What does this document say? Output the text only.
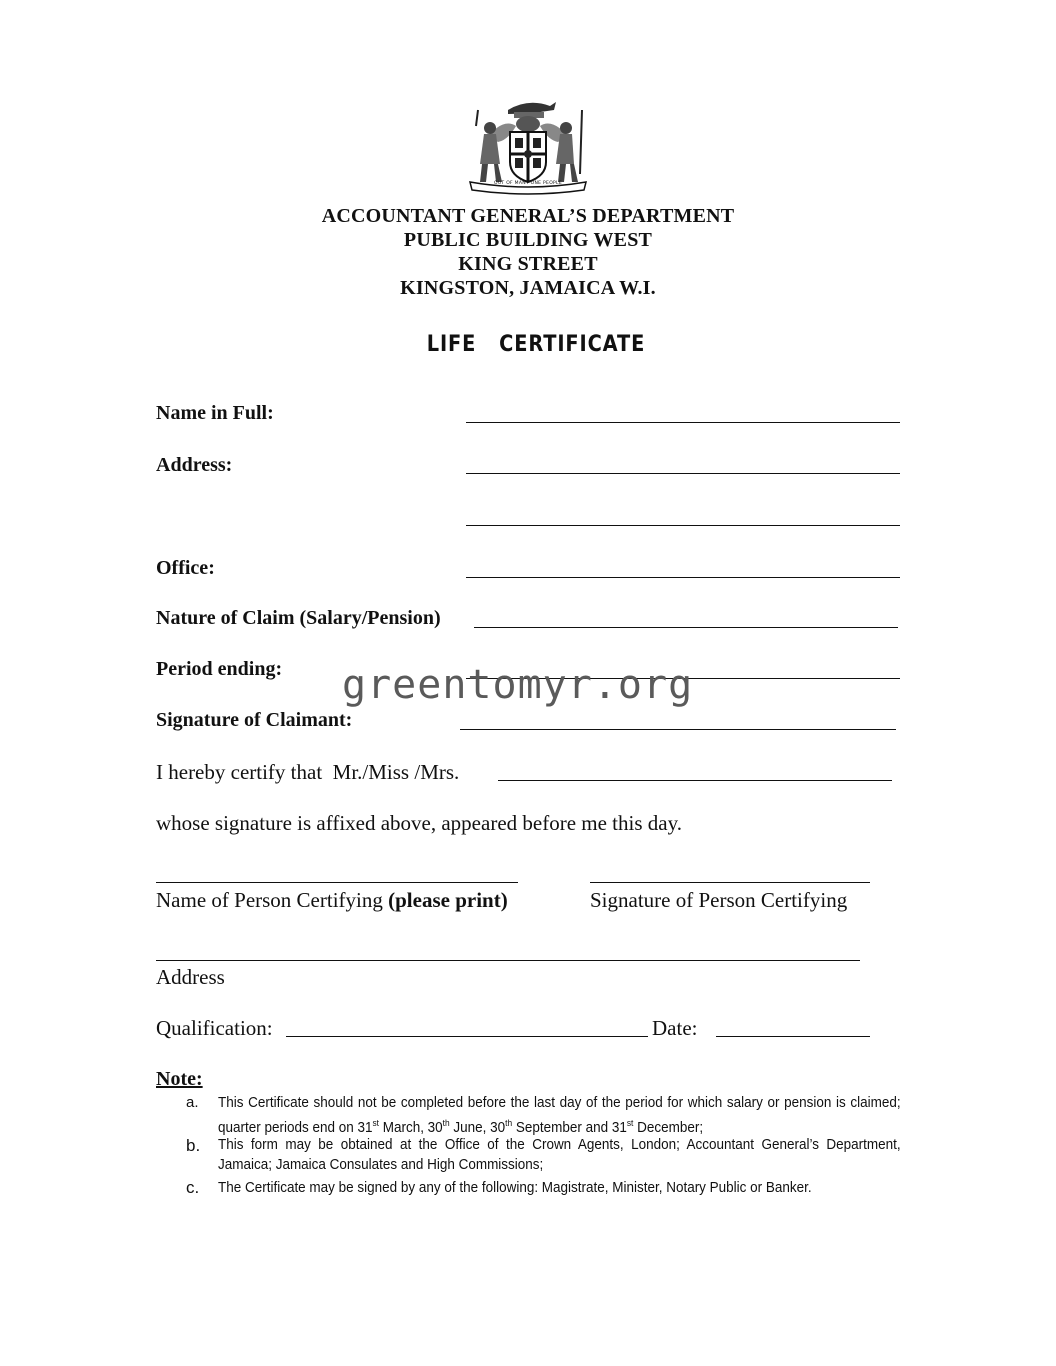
OUT OF MANY ONE PEOPLE
ACCOUNTANT GENERAL’S DEPARTMENT
PUBLIC BUILDING WEST
KING STREET
KINGSTON, JAMAICA W.I.
LIFE   CERTIFICATE
Name in Full:
Address:
Office:
Nature of Claim (Salary/Pension)
Period ending: greentomyr.org
Signature of Claimant:
I hereby certify that  Mr./Miss /Mrs.
whose signature is affixed above, appeared before me this day.
Name of Person Certifying (please print)	Signature of Person Certifying
Address
Qualification:	Date:
Note:
a. This Certificate should not be completed before the last day of the period for which salary or pension is claimed; quarter periods end on 31st March, 30th June, 30th September and 31st December;
b. This form may be obtained at the Office of the Crown Agents, London; Accountant General’s Department, Jamaica; Jamaica Consulates and High Commissions;
c. The Certificate may be signed by any of the following: Magistrate, Minister, Notary Public or Banker.
